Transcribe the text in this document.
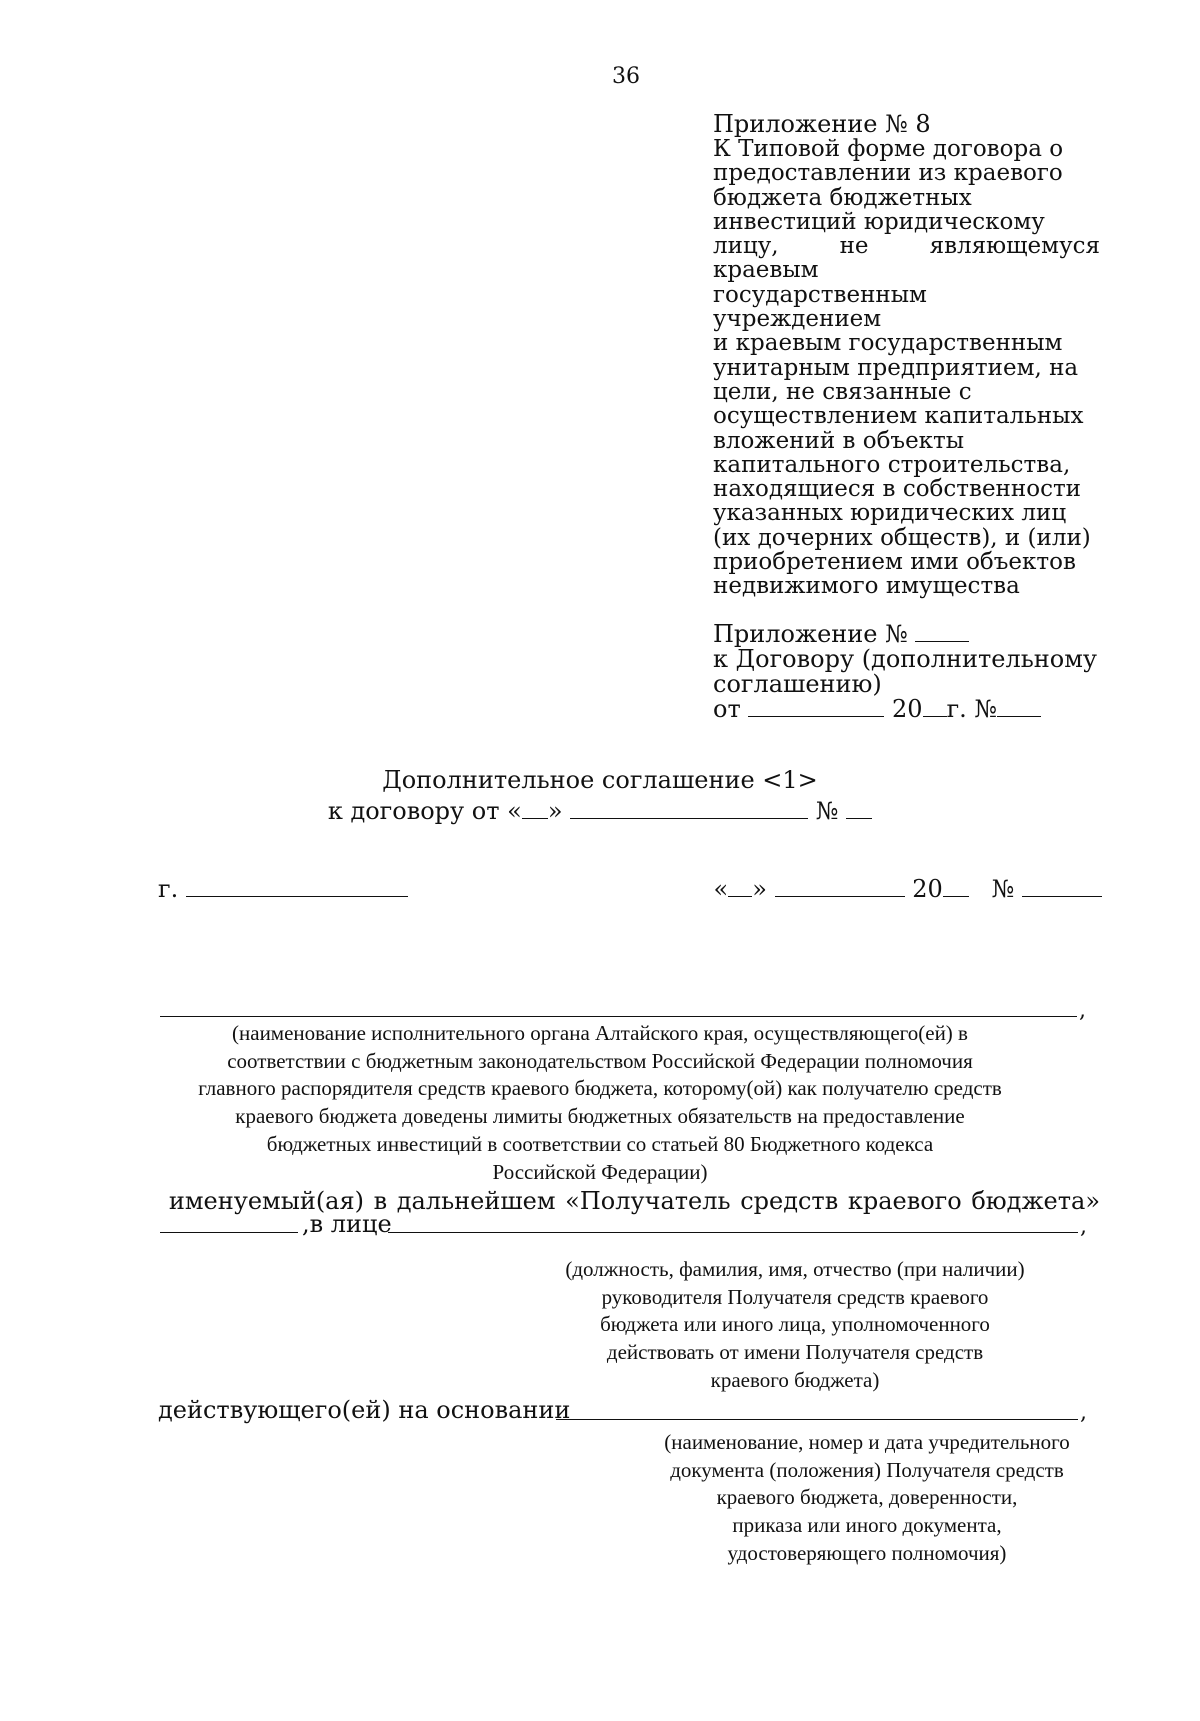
36
Приложение № 8
К Типовой форме договора о
предоставлении из краевого
бюджета бюджетных
инвестиций юридическому
лицу, не являющемуся краевым
государственным учреждением
и краевым государственным
унитарным предприятием, на
цели, не связанные с
осуществлением капитальных
вложений в объекты
капитального строительства,
находящиеся в собственности
указанных юридических лиц
(их дочерних обществ), и (или)
приобретением ими объектов
недвижимого имущества
Приложение №
к Договору (дополнительному
соглашению)
от	20 г. №
Дополнительное соглашение <1>
к договору от « »	№
г.	« »	20 №
,
(наименование исполнительного органа Алтайского края, осуществляющего(ей) в
соответствии с бюджетным законодательством Российской Федерации полномочия
главного распорядителя средств краевого бюджета, которому(ой) как получателю средств
краевого бюджета доведены лимиты бюджетных обязательств на предоставление
бюджетных инвестиций в соответствии со статьей 80 Бюджетного кодекса
Российской Федерации)
именуемый(ая) в дальнейшем «Получатель средств краевого бюджета»
,в лице	,
(должность, фамилия, имя, отчество (при наличии)
руководителя Получателя средств краевого
бюджета или иного лица, уполномоченного
действовать от имени Получателя средств
краевого бюджета)
действующего(ей) на основании	,
(наименование, номер и дата учредительного
документа (положения) Получателя средств
краевого бюджета, доверенности,
приказа или иного документа,
удостоверяющего полномочия)
